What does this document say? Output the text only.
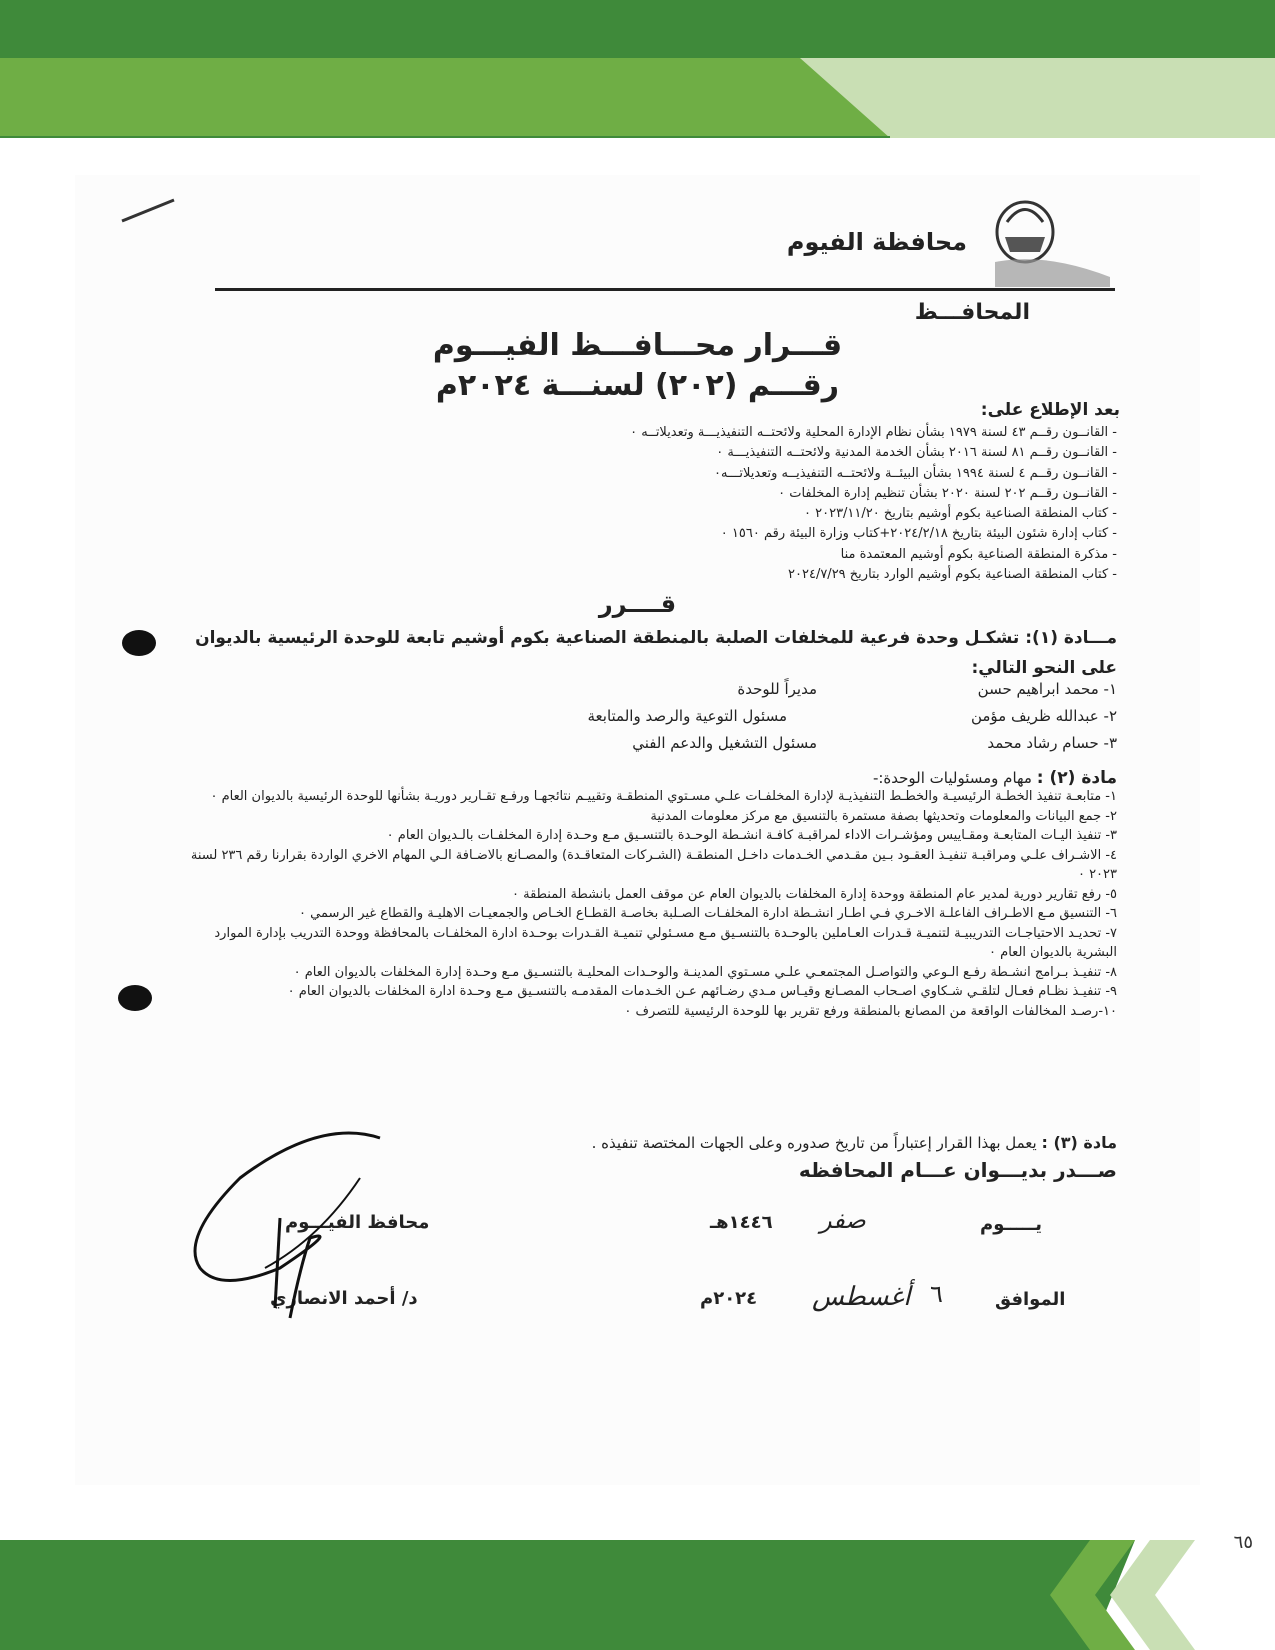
محافظة الفيوم
المحافـــظ
قـــرار محـــافـــظ الفيـــوم
رقـــم (٢٠٢) لسنـــة ٢٠٢٤م
بعد الإطلاع على:
- القانــون رقــم ٤٣ لسنة ١٩٧٩ بشأن نظام الإدارة المحلية ولائحتــه التنفيذيـــة وتعديلاتــه ٠
- القانــون رقــم ٨١ لسنة ٢٠١٦ بشأن الخدمة المدنية ولائحتــه التنفيذيـــة ٠
- القانــون رقــم ٤ لسنة ١٩٩٤ بشأن البيئــة ولائحتــه التنفيذيــه وتعديلاتـــه٠
- القانــون رقــم ٢٠٢ لسنة ٢٠٢٠ بشأن تنظيم إدارة المخلفات ٠
- كتاب المنطقة الصناعية بكوم أوشيم بتاريخ ٢٠٢٣/١١/٢٠ ٠
- كتاب إدارة شئون البيئة بتاريخ ٢٠٢٤/٢/١٨+كتاب وزارة البيئة رقم ١٥٦٠ ٠
- مذكرة المنطقة الصناعية بكوم أوشيم المعتمدة منا
- كتاب المنطقة الصناعية بكوم أوشيم الوارد بتاريخ ٢٠٢٤/٧/٢٩
قــــرر
مـــادة (١): تشكـل وحدة فرعية للمخلفات الصلبة بالمنطقة الصناعية بكوم أوشيم تابعة للوحدة الرئيسية بالديوان على النحو التالي:
١- محمد ابراهيم حسن
مديراً للوحدة
٢- عبدالله ظريف مؤمن
مسئول التوعية والرصد والمتابعة
٣- حسام رشاد محمد
مسئول التشغيل والدعم الفني
مادة (٢) : مهام ومسئوليات الوحدة:-
١- متابعـة تنفيذ الخطـة الرئيسيـة والخطـط التنفيذيـة لإدارة المخلفـات علـي مسـتوي المنطقـة وتقييـم نتائجهـا ورفـع تقـارير دوريـة بشأنها للوحدة الرئيسية بالديوان العام ٠
٢- جمع البيانات والمعلومات وتحديثها بصفة مستمرة بالتنسيق مع مركز معلومات المدنية
٣- تنفيذ اليـات المتابعـة ومقـاييس ومؤشـرات الاداء لمراقبـة كافـة انشـطة الوحـدة بالتنسـيق مـع وحـدة إدارة المخلفـات بالـديوان العام ٠
٤- الاشـراف علـي ومراقبـة تنفيـذ العقـود بـين مقـدمي الخـدمات داخـل المنطقـة (الشـركات المتعاقـدة) والمصـانع بالاضـافة الـي المهام الاخري الواردة بقرارنا رقم ٢٣٦ لسنة ٢٠٢٣ ٠
٥- رفع تقارير دورية لمدير عام المنطقة ووحدة إدارة المخلفات بالديوان العام عن موقف العمل بانشطة المنطقة ٠
٦- التنسيق مـع الاطـراف الفاعلـة الاخـري فـي اطـار انشـطة ادارة المخلفـات الصـلبة بخاصـة القطـاع الخـاص والجمعيـات الاهليـة والقطاع غير الرسمي ٠
٧- تحديـد الاحتياجـات التدريبيـة لتنميـة قـدرات العـاملين بالوحـدة بالتنسـيق مـع مسـئولي تنميـة القـدرات بوحـدة ادارة المخلفـات بالمحافظة ووحدة التدريب بإدارة الموارد البشرية بالديوان العام ٠
٨- تنفيـذ بـرامج انشـطة رفـع الـوعي والتواصـل المجتمعـي علـي مسـتوي المدينـة والوحـدات المحليـة بالتنسـيق مـع وحـدة إدارة المخلفات بالديوان العام ٠
٩- تنفيـذ نظـام فعـال لتلقـي شـكاوي اصـحاب المصـانع وقيـاس مـدي رضـائهم عـن الخـدمات المقدمـه بالتنسـيق مـع وحـدة ادارة المخلفات بالديوان العام ٠
١٠-رصـد المخالفات الواقعة من المصانع بالمنطقة ورفع تقرير بها للوحدة الرئيسية للتصرف ٠
مادة (٣) : يعمل بهذا القرار إعتباراً من تاريخ صدوره وعلى الجهات المختصة تنفيذه .
صـــدر بديـــوان عـــام المحافظه
يـــــوم
صفر
١٤٤٦هـ
الموافق
٦
أغسطس
٢٠٢٤م
محافظ الفيـــوم
د/ أحمد الانصاري
٦٥
